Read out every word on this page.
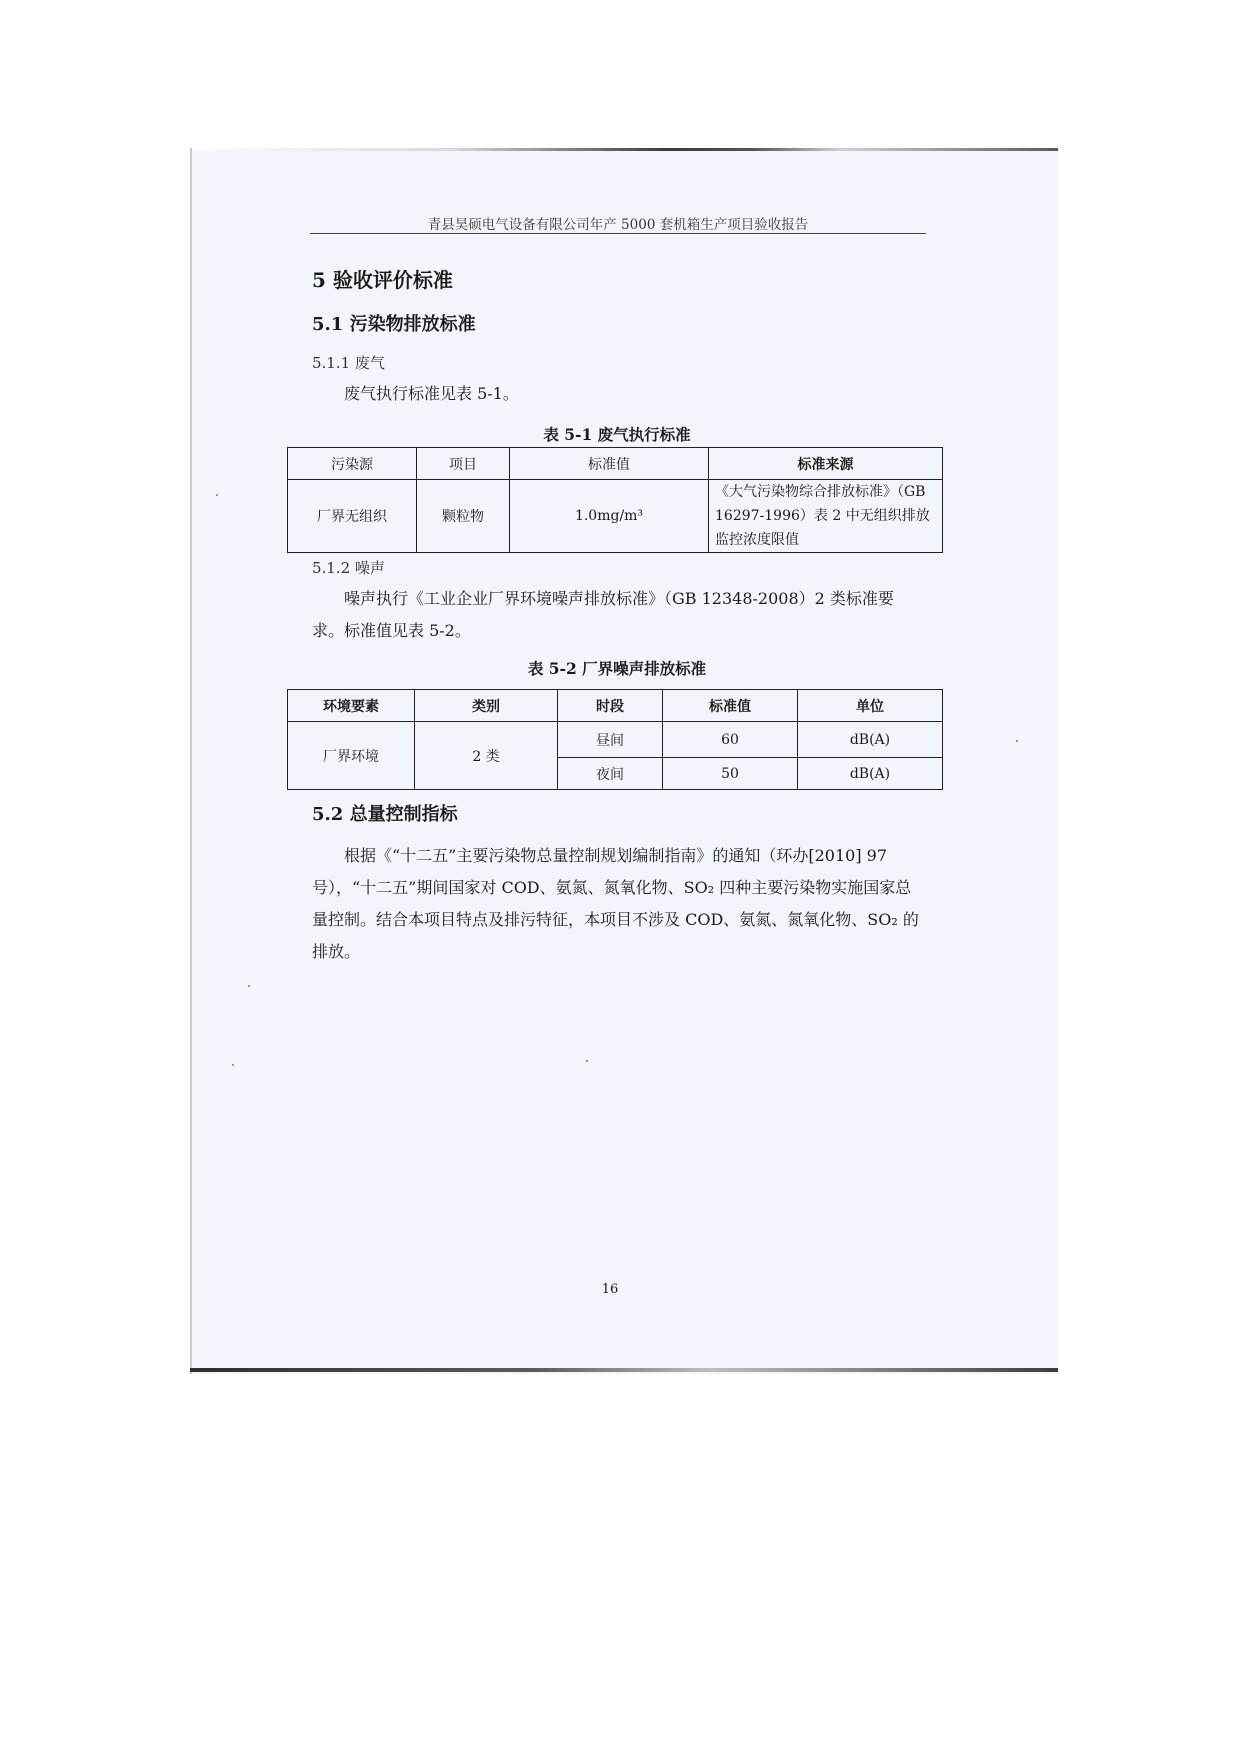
青县昊硕电气设备有限公司年产 5000 套机箱生产项目验收报告
5 验收评价标准
5.1 污染物排放标准
5.1.1 废气
废气执行标准见表 5-1。
表 5-1 废气执行标准
污染源	项目	标准值	标准来源
厂界无组织	颗粒物	1.0mg/m³	《大气污染物综合排放标准》（GB 16297-1996）表 2 中无组织排放监控浓度限值
5.1.2 噪声
噪声执行《工业企业厂界环境噪声排放标准》（GB 12348-2008）2 类标准要求。标准值见表 5-2。
表 5-2 厂界噪声排放标准
环境要素	类别	时段	标准值	单位
厂界环境	2 类	昼间	60	dB(A)
		夜间	50	dB(A)
5.2 总量控制指标
根据《“十二五”主要污染物总量控制规划编制指南》的通知（环办[2010] 97 号），“十二五”期间国家对 COD、氨氮、氮氧化物、SO₂ 四种主要污染物实施国家总量控制。结合本项目特点及排污特征，本项目不涉及 COD、氨氮、氮氧化物、SO₂ 的排放。
16
